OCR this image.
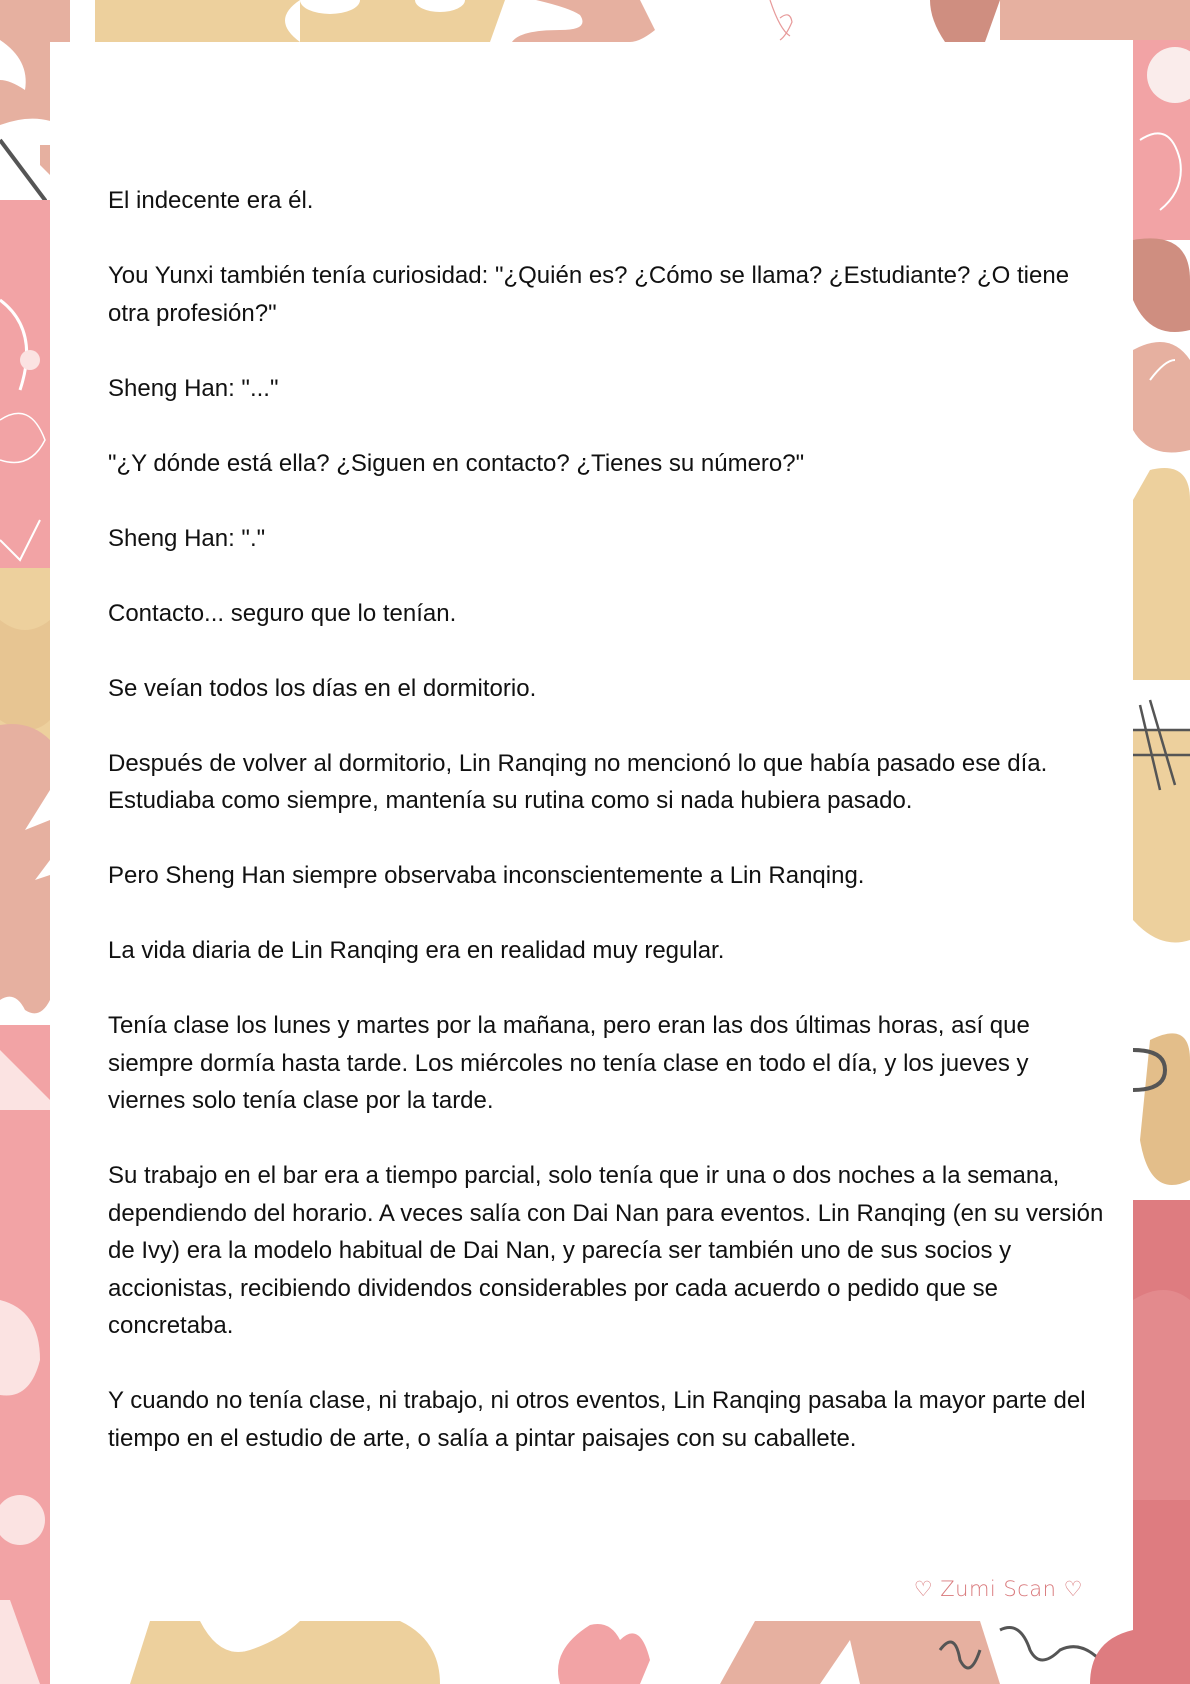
El indecente era él.

You Yunxi también tenía curiosidad: "¿Quién es? ¿Cómo se llama? ¿Estudiante? ¿O tiene otra profesión?"

Sheng Han: "..."

"¿Y dónde está ella? ¿Siguen en contacto? ¿Tienes su número?"

Sheng Han: "."

Contacto... seguro que lo tenían.

Se veían todos los días en el dormitorio.

Después de volver al dormitorio, Lin Ranqing no mencionó lo que había pasado ese día. Estudiaba como siempre, mantenía su rutina como si nada hubiera pasado.

Pero Sheng Han siempre observaba inconscientemente a Lin Ranqing.

La vida diaria de Lin Ranqing era en realidad muy regular.

Tenía clase los lunes y martes por la mañana, pero eran las dos últimas horas, así que siempre dormía hasta tarde. Los miércoles no tenía clase en todo el día, y los jueves y viernes solo tenía clase por la tarde.

Su trabajo en el bar era a tiempo parcial, solo tenía que ir una o dos noches a la semana, dependiendo del horario. A veces salía con Dai Nan para eventos. Lin Ranqing (en su versión de Ivy) era la modelo habitual de Dai Nan, y parecía ser también uno de sus socios y accionistas, recibiendo dividendos considerables por cada acuerdo o pedido que se concretaba.

Y cuando no tenía clase, ni trabajo, ni otros eventos, Lin Ranqing pasaba la mayor parte del tiempo en el estudio de arte, o salía a pintar paisajes con su caballete.

♡ Zumi Scan ♡
